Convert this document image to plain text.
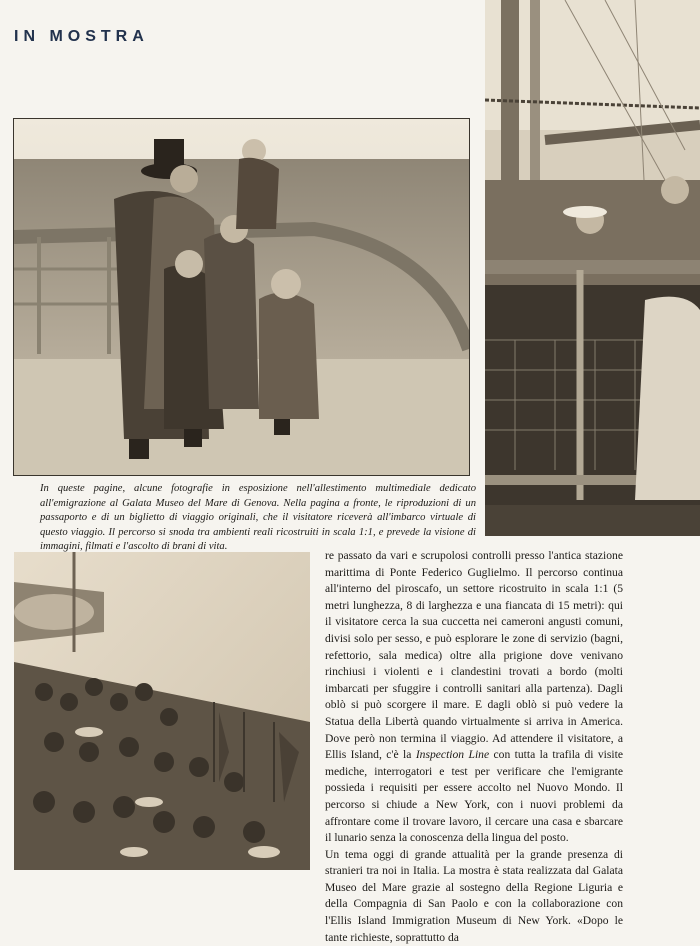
IN MOSTRA
In queste pagine, alcune fotografie in esposizione nell'allestimento multimediale dedicato all'emigrazione al Galata Museo del Mare di Genova. Nella pagina a fronte, le riproduzioni di un passaporto e di un biglietto di viaggio originali, che il visitatore riceverà all'imbarco virtuale di questo viaggio. Il percorso si snoda tra ambienti reali ricostruiti in scala 1:1, e prevede la visione di immagini, filmati e l'ascolto di brani di vita.

re passato da vari e scrupolosi controlli presso l'antica stazione marittima di Ponte Federico Guglielmo. Il percorso continua all'interno del piroscafo, un settore ricostruito in scala 1:1 (5 metri lunghezza, 8 di larghezza e una fiancata di 15 metri): qui il visitatore cerca la sua cuccetta nei cameroni angusti comuni, divisi solo per sesso, e può esplorare le zone di servizio (bagni, refettorio, sala medica) oltre alla prigione dove venivano rinchiusi i violenti e i clandestini trovati a bordo (molti imbarcati per sfuggire i controlli sanitari alla partenza). Dagli oblò si può scorgere il mare. E dagli oblò si può vedere la Statua della Libertà quando virtualmente si arriva in America. Dove però non termina il viaggio. Ad attendere il visitatore, a Ellis Island, c'è la Inspection Line con tutta la trafila di visite mediche, interrogatori e test per verificare che l'emigrante possieda i requisiti per essere accolto nel Nuovo Mondo. Il percorso si chiude a New York, con i nuovi problemi da affrontare come il trovare lavoro, il cercare una casa e sbarcare il lunario senza la conoscenza della lingua del posto.

Un tema oggi di grande attualità per la grande presenza di stranieri tra noi in Italia. La mostra è stata realizzata dal Galata Museo del Mare grazie al sostegno della Regione Liguria e della Compagnia di San Paolo e con la collaborazione con l'Ellis Island Immigration Museum di New York. «Dopo le tante richieste, soprattutto da
